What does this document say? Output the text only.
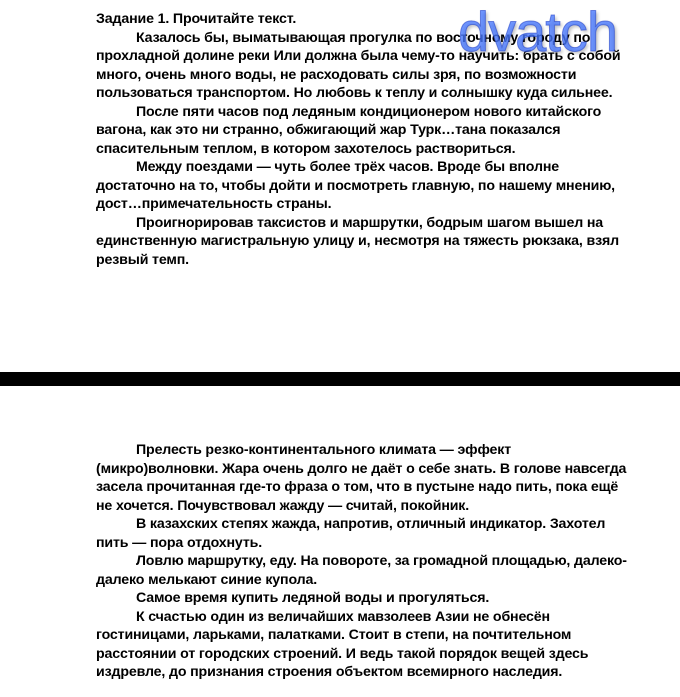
Задание 1. Прочитайте текст.

Казалось бы, выматывающая прогулка по восточному городу по прохладной долине реки Или должна была чему-то научить: брать с собой много, очень много воды, не расходовать силы зря, по возможности пользоваться транспортом. Но любовь к теплу и солнышку куда сильнее.

После пяти часов под ледяным кондиционером нового китайского вагона, как это ни странно, обжигающий жар Турк…тана показался спасительным теплом, в котором захотелось раствориться.

Между поездами — чуть более трёх часов. Вроде бы вполне достаточно на то, чтобы дойти и посмотреть главную, по нашему мнению, дост…примечательность страны.

Проигнорировав таксистов и маршрутки, бодрым шагом вышел на единственную магистральную улицу и, несмотря на тяжесть рюкзака, взял резвый темп.

dvatch

Прелесть резко-континентального климата — эффект (микро)волновки. Жара очень долго не даёт о себе знать. В голове навсегда засела прочитанная где-то фраза о том, что в пустыне надо пить, пока ещё не хочется. Почувствовал жажду — считай, покойник.

В казахских степях жажда, напротив, отличный индикатор. Захотел пить — пора отдохнуть.

Ловлю маршрутку, еду. На повороте, за громадной площадью, далеко-далеко мелькают синие купола.

Самое время купить ледяной воды и прогуляться.

К счастью один из величайших мавзолеев Азии не обнесён гостиницами, ларьками, палатками. Стоит в степи, на почтительном расстоянии от городских строений. И ведь такой порядок вещей здесь издревле, до признания строения объектом всемирного наследия.
